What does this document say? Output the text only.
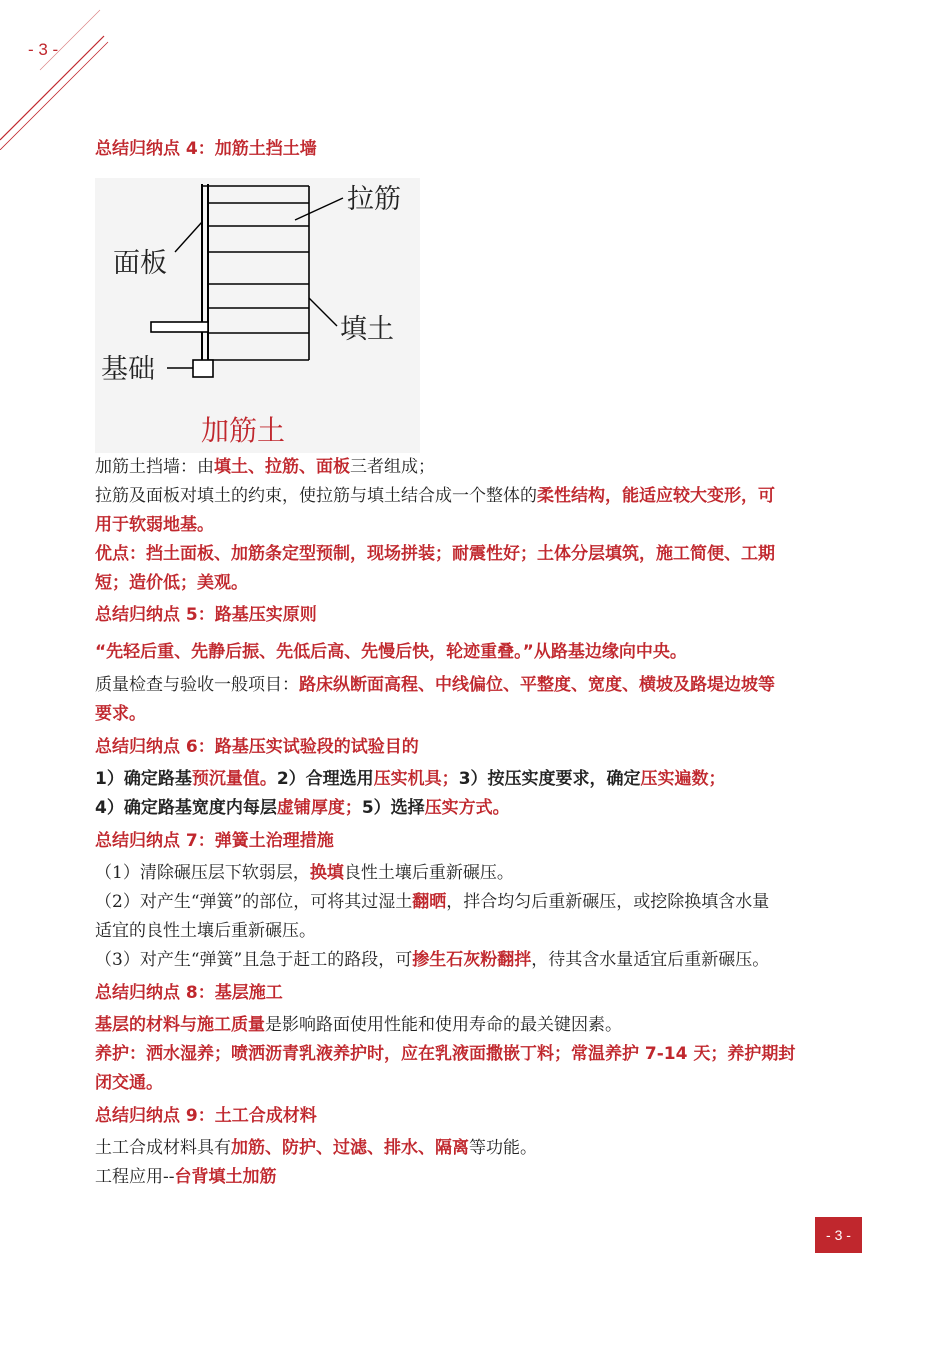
- 3 -
总结归纳点 4：加筋土挡土墙
拉筋
面板
填土
基础
加筋土
加筋土挡墙：由填土、拉筋、面板三者组成；
拉筋及面板对填土的约束，使拉筋与填土结合成一个整体的柔性结构，能适应较大变形，可
用于软弱地基。
优点：挡土面板、加筋条定型预制，现场拼装；耐震性好；土体分层填筑，施工简便、工期
短；造价低；美观。
总结归纳点 5：路基压实原则
“先轻后重、先静后振、先低后高、先慢后快，轮迹重叠。”从路基边缘向中央。
质量检查与验收一般项目：路床纵断面高程、中线偏位、平整度、宽度、横坡及路堤边坡等
要求。
总结归纳点 6：路基压实试验段的试验目的
1）确定路基预沉量值。2）合理选用压实机具；3）按压实度要求，确定压实遍数；
4）确定路基宽度内每层虚铺厚度；5）选择压实方式。
总结归纳点 7：弹簧土治理措施
（1）清除碾压层下软弱层，换填良性土壤后重新碾压。
（2）对产生“弹簧”的部位，可将其过湿土翻晒，拌合均匀后重新碾压，或挖除换填含水量
适宜的良性土壤后重新碾压。
（3）对产生“弹簧”且急于赶工的路段，可掺生石灰粉翻拌，待其含水量适宜后重新碾压。
总结归纳点 8：基层施工
基层的材料与施工质量是影响路面使用性能和使用寿命的最关键因素。
养护：洒水湿养；喷洒沥青乳液养护时，应在乳液面撒嵌丁料；常温养护 7-14 天；养护期封
闭交通。
总结归纳点 9：土工合成材料
土工合成材料具有加筋、防护、过滤、排水、隔离等功能。
工程应用--台背填土加筋
- 3 -
